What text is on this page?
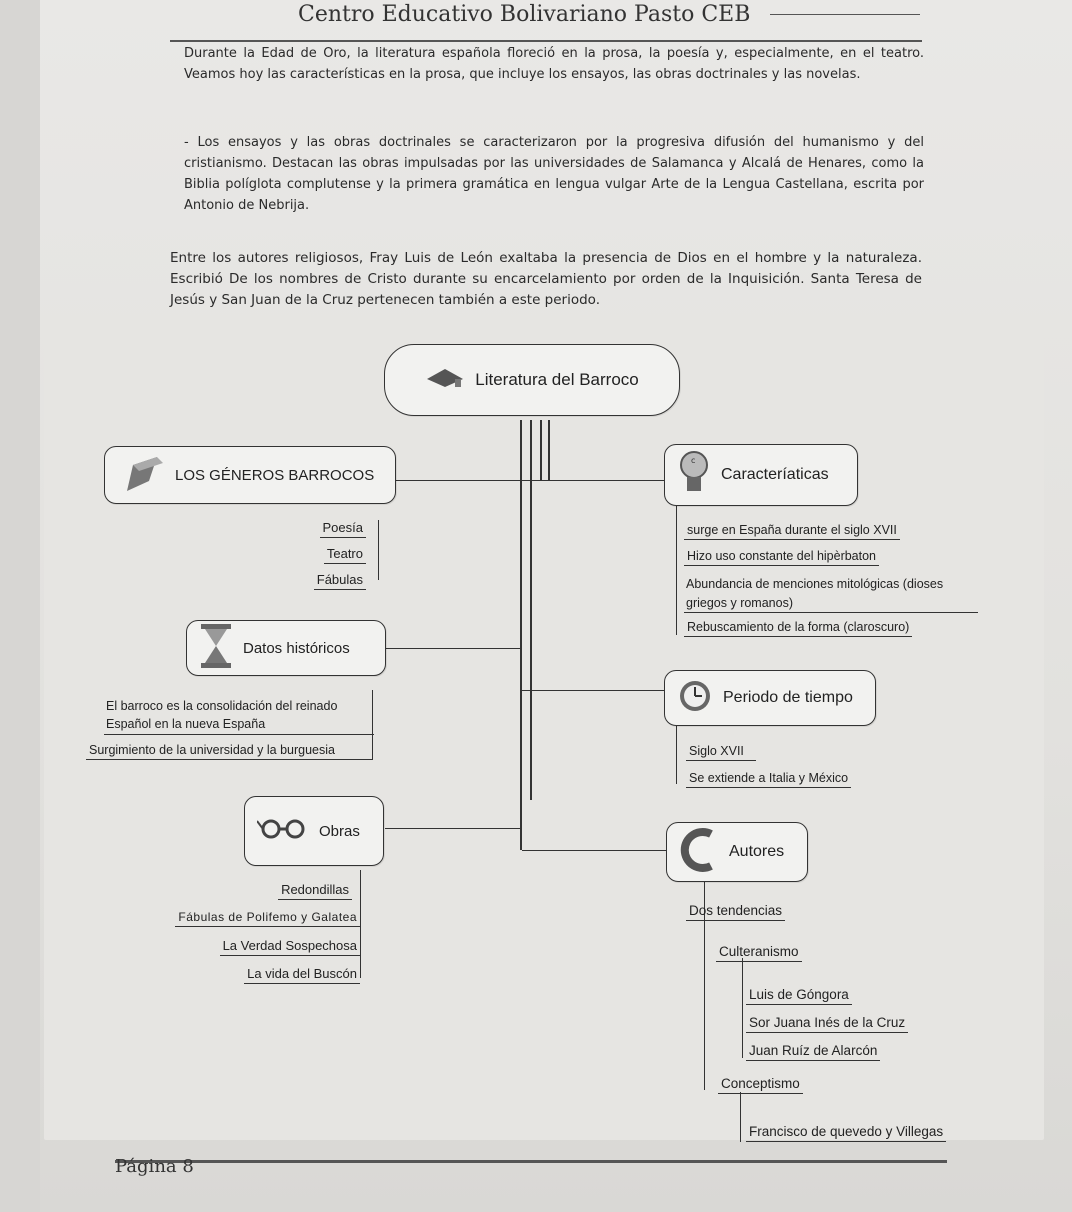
Centro Educativo Bolivariano Pasto CEB

Durante la Edad de Oro, la literatura española floreció en la prosa, la poesía y, especialmente, en el teatro. Veamos hoy las características en la prosa, que incluye los ensayos, las obras doctrinales y las novelas.

- Los ensayos y las obras doctrinales se caracterizaron por la progresiva difusión del humanismo y del cristianismo. Destacan las obras impulsadas por las universidades de Salamanca y Alcalá de Henares, como la Biblia políglota complutense y la primera gramática en lengua vulgar Arte de la Lengua Castellana, escrita por Antonio de Nebrija.

Entre los autores religiosos, Fray Luis de León exaltaba la presencia de Dios en el hombre y la naturaleza. Escribió De los nombres de Cristo durante su encarcelamiento por orden de la Inquisición. Santa Teresa de Jesús y San Juan de la Cruz pertenecen también a este periodo.

Literatura del Barroco
LOS GÉNEROS BARROCOS
Poesía
Teatro
Fábulas
Datos históricos
El barroco es la consolidación del reinado
Español en la nueva España
Surgimiento de la universidad y la burguesia
Obras
Redondillas
Fábulas de Polifemo y Galatea
La Verdad Sospechosa
La vida del Buscón
c
Caracteríaticas
surge en España durante el siglo XVII
Hizo uso constante del hipèrbaton
Abundancia de menciones mitológicas (dioses
griegos y romanos)
Rebuscamiento de la forma (claroscuro)
Periodo de tiempo
Siglo XVII
Se extiende a Italia y México
Autores
Dos tendencias
Culteranismo
Luis de Góngora
Sor Juana Inés de la Cruz
Juan Ruíz de Alarcón
Conceptismo
Francisco de quevedo y Villegas
Página 8
